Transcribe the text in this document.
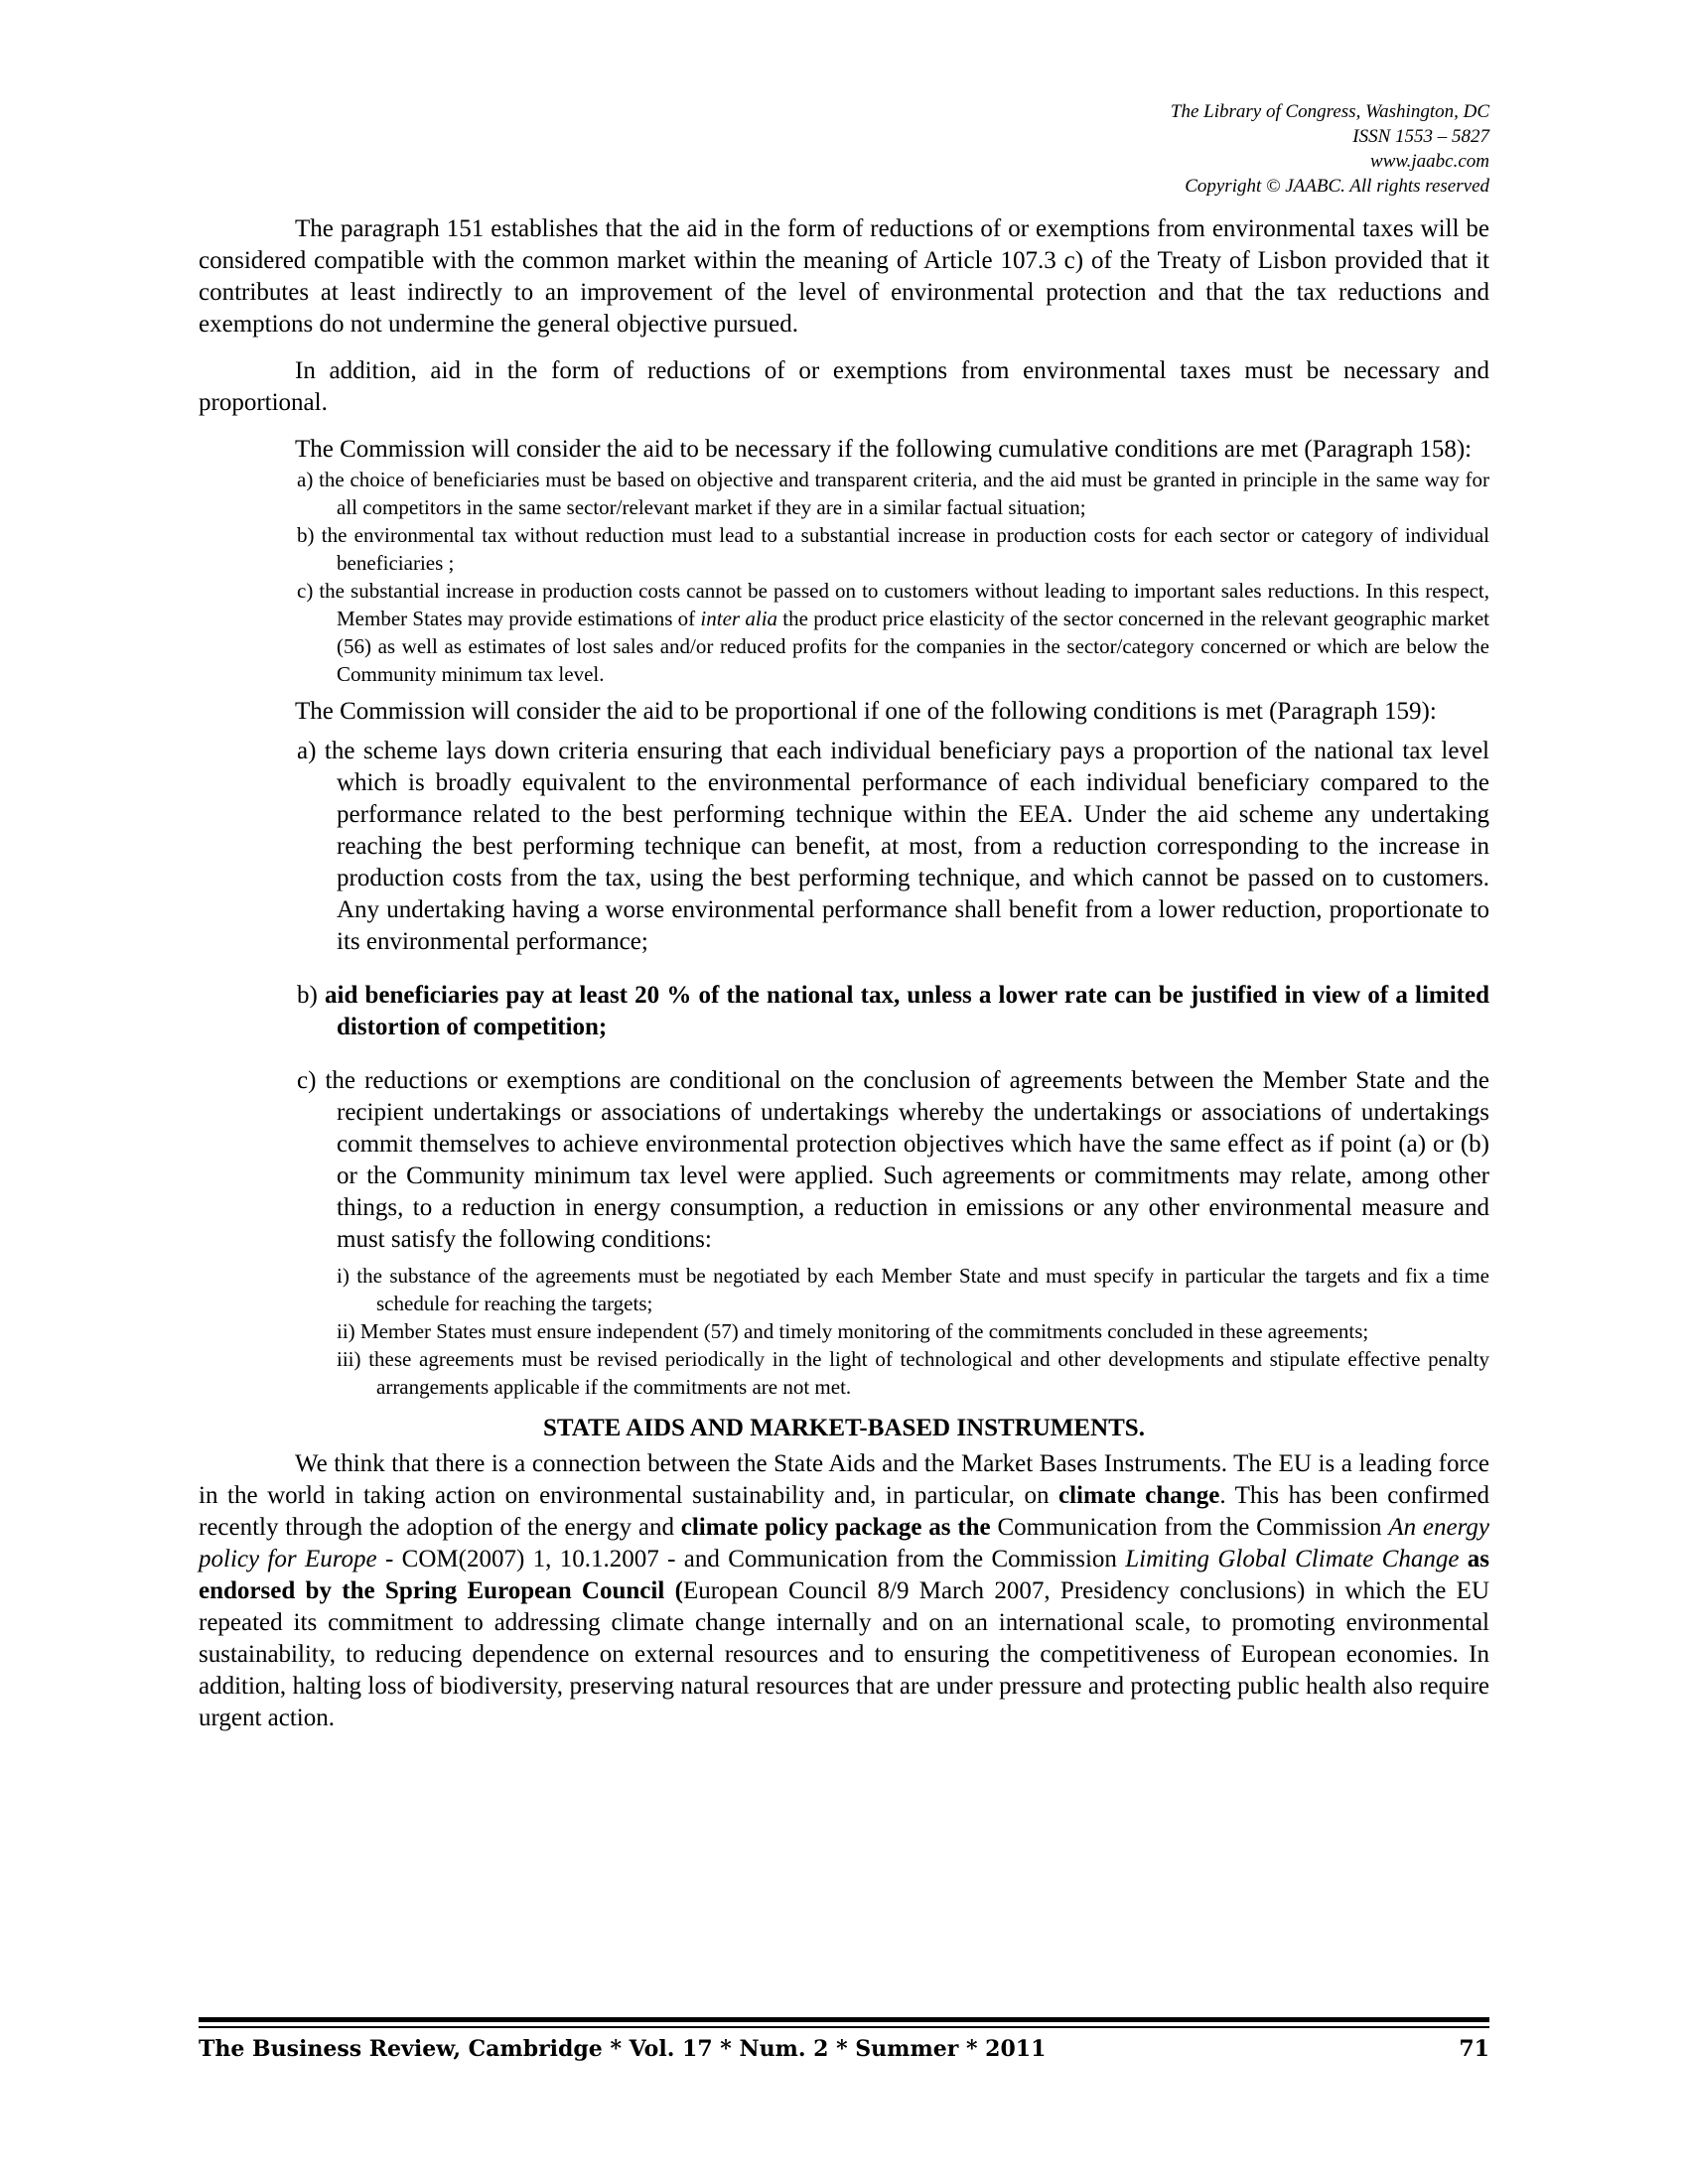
The Library of Congress, Washington, DC
ISSN 1553 – 5827
www.jaabc.com
Copyright © JAABC. All rights reserved

The paragraph 151 establishes that the aid in the form of reductions of or exemptions from environmental taxes will be considered compatible with the common market within the meaning of Article 107.3 c) of the Treaty of Lisbon provided that it contributes at least indirectly to an improvement of the level of environmental protection and that the tax reductions and exemptions do not undermine the general objective pursued.

In addition, aid in the form of reductions of or exemptions from environmental taxes must be necessary and proportional.

The Commission will consider the aid to be necessary if the following cumulative conditions are met (Paragraph 158):

a) the choice of beneficiaries must be based on objective and transparent criteria, and the aid must be granted in principle in the same way for all competitors in the same sector/relevant market if they are in a similar factual situation;
b) the environmental tax without reduction must lead to a substantial increase in production costs for each sector or category of individual beneficiaries ;
c) the substantial increase in production costs cannot be passed on to customers without leading to important sales reductions. In this respect, Member States may provide estimations of inter alia the product price elasticity of the sector concerned in the relevant geographic market (56) as well as estimates of lost sales and/or reduced profits for the companies in the sector/category concerned or which are below the Community minimum tax level.

The Commission will consider the aid to be proportional if one of the following conditions is met (Paragraph 159):

a) the scheme lays down criteria ensuring that each individual beneficiary pays a proportion of the national tax level which is broadly equivalent to the environmental performance of each individual beneficiary compared to the performance related to the best performing technique within the EEA. Under the aid scheme any undertaking reaching the best performing technique can benefit, at most, from a reduction corresponding to the increase in production costs from the tax, using the best performing technique, and which cannot be passed on to customers. Any undertaking having a worse environmental performance shall benefit from a lower reduction, proportionate to its environmental performance;
b) aid beneficiaries pay at least 20 % of the national tax, unless a lower rate can be justified in view of a limited distortion of competition;
c) the reductions or exemptions are conditional on the conclusion of agreements between the Member State and the recipient undertakings or associations of undertakings whereby the undertakings or associations of undertakings commit themselves to achieve environmental protection objectives which have the same effect as if point (a) or (b) or the Community minimum tax level were applied. Such agreements or commitments may relate, among other things, to a reduction in energy consumption, a reduction in emissions or any other environmental measure and must satisfy the following conditions:
i) the substance of the agreements must be negotiated by each Member State and must specify in particular the targets and fix a time schedule for reaching the targets;
ii) Member States must ensure independent (57) and timely monitoring of the commitments concluded in these agreements;
iii) these agreements must be revised periodically in the light of technological and other developments and stipulate effective penalty arrangements applicable if the commitments are not met.

STATE AIDS AND MARKET-BASED INSTRUMENTS.

We think that there is a connection between the State Aids and the Market Bases Instruments. The EU is a leading force in the world in taking action on environmental sustainability and, in particular, on climate change. This has been confirmed recently through the adoption of the energy and climate policy package as the Communication from the Commission An energy policy for Europe - COM(2007) 1, 10.1.2007 - and Communication from the Commission Limiting Global Climate Change as endorsed by the Spring European Council (European Council 8/9 March 2007, Presidency conclusions) in which the EU repeated its commitment to addressing climate change internally and on an international scale, to promoting environmental sustainability, to reducing dependence on external resources and to ensuring the competitiveness of European economies. In addition, halting loss of biodiversity, preserving natural resources that are under pressure and protecting public health also require urgent action.

The Business Review, Cambridge * Vol. 17 * Num. 2 * Summer * 2011	71
